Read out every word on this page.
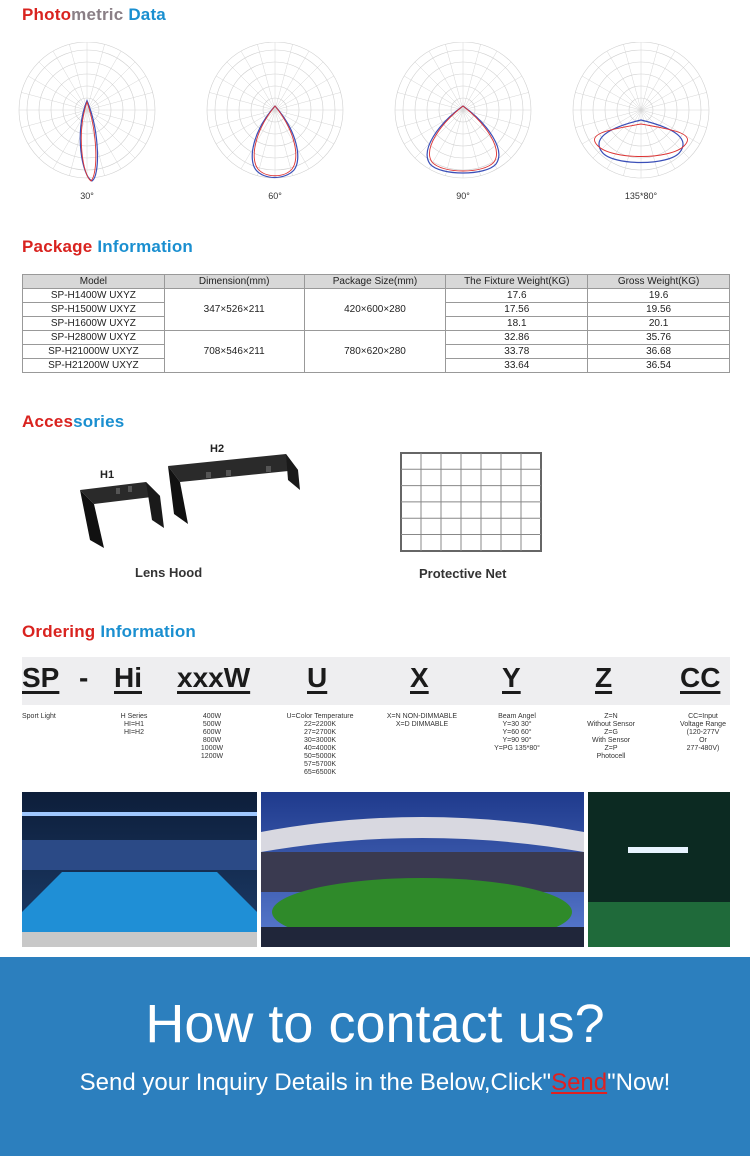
Photometric Data
30°	60°	90°	135*80°
Package Information
Model	Dimension(mm)	Package Size(mm)	The Fixture Weight(KG)	Gross Weight(KG)
SP-H1400W UXYZ	347×526×211	420×600×280	17.6	19.6
SP-H1500W UXYZ			17.56	19.56
SP-H1600W UXYZ			18.1	20.1
SP-H2800W UXYZ	708×546×211	780×620×280	32.86	35.76
SP-H21000W UXYZ			33.78	36.68
SP-H21200W UXYZ			33.64	36.54
Accessories
H1
H2
Lens Hood	Protective Net
Ordering Information
SP - Hi xxxW U	X	Y	Z CC
Sport Light	H Series
HI=H1
HI=H2
400W
500W
600W
800W
1000W
1200W
U=Color Temperature
22=2200K
27=2700K
30=3000K
40=4000K
50=5000K
57=5700K
65=6500K
X=N NON-DIMMABLE
X=D DIMMABLE
Beam Angel
Y=30 30°
Y=60 60°
Y=90 90°
Y=PG 135*80°
Z=N
Without Sensor
Z=G
With Sensor
Z=P
Photocell
CC=Input
Voltage Range
(120-277V
Or
277-480V)
How to contact us?

Send your Inquiry Details in the Below,Click"Send"Now!
